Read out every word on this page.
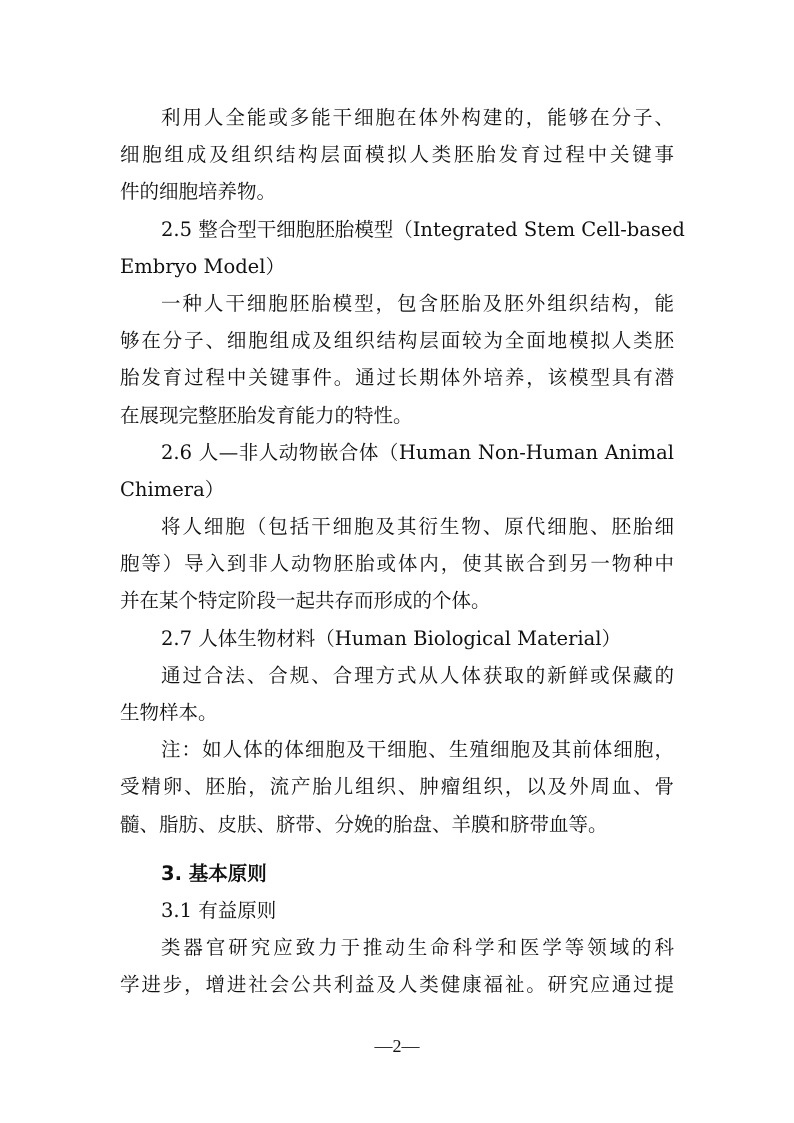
利用人全能或多能干细胞在体外构建的，能够在分子、
细胞组成及组织结构层面模拟人类胚胎发育过程中关键事
件的细胞培养物。
2.5 整合型干细胞胚胎模型（Integrated Stem Cell-based
Embryo Model）
一种人干细胞胚胎模型，包含胚胎及胚外组织结构，能
够在分子、细胞组成及组织结构层面较为全面地模拟人类胚
胎发育过程中关键事件。通过长期体外培养，该模型具有潜
在展现完整胚胎发育能力的特性。
2.6 人—非人动物嵌合体（Human Non-Human Animal
Chimera）
将人细胞（包括干细胞及其衍生物、原代细胞、胚胎细
胞等）导入到非人动物胚胎或体内，使其嵌合到另一物种中
并在某个特定阶段一起共存而形成的个体。
2.7 人体生物材料（Human Biological Material）
通过合法、合规、合理方式从人体获取的新鲜或保藏的
生物样本。
注：如人体的体细胞及干细胞、生殖细胞及其前体细胞，
受精卵、胚胎，流产胎儿组织、肿瘤组织，以及外周血、骨
髓、脂肪、皮肤、脐带、分娩的胎盘、羊膜和脐带血等。
3. 基本原则
3.1 有益原则
类器官研究应致力于推动生命科学和医学等领域的科
学进步，增进社会公共利益及人类健康福祉。研究应通过提
—2—
